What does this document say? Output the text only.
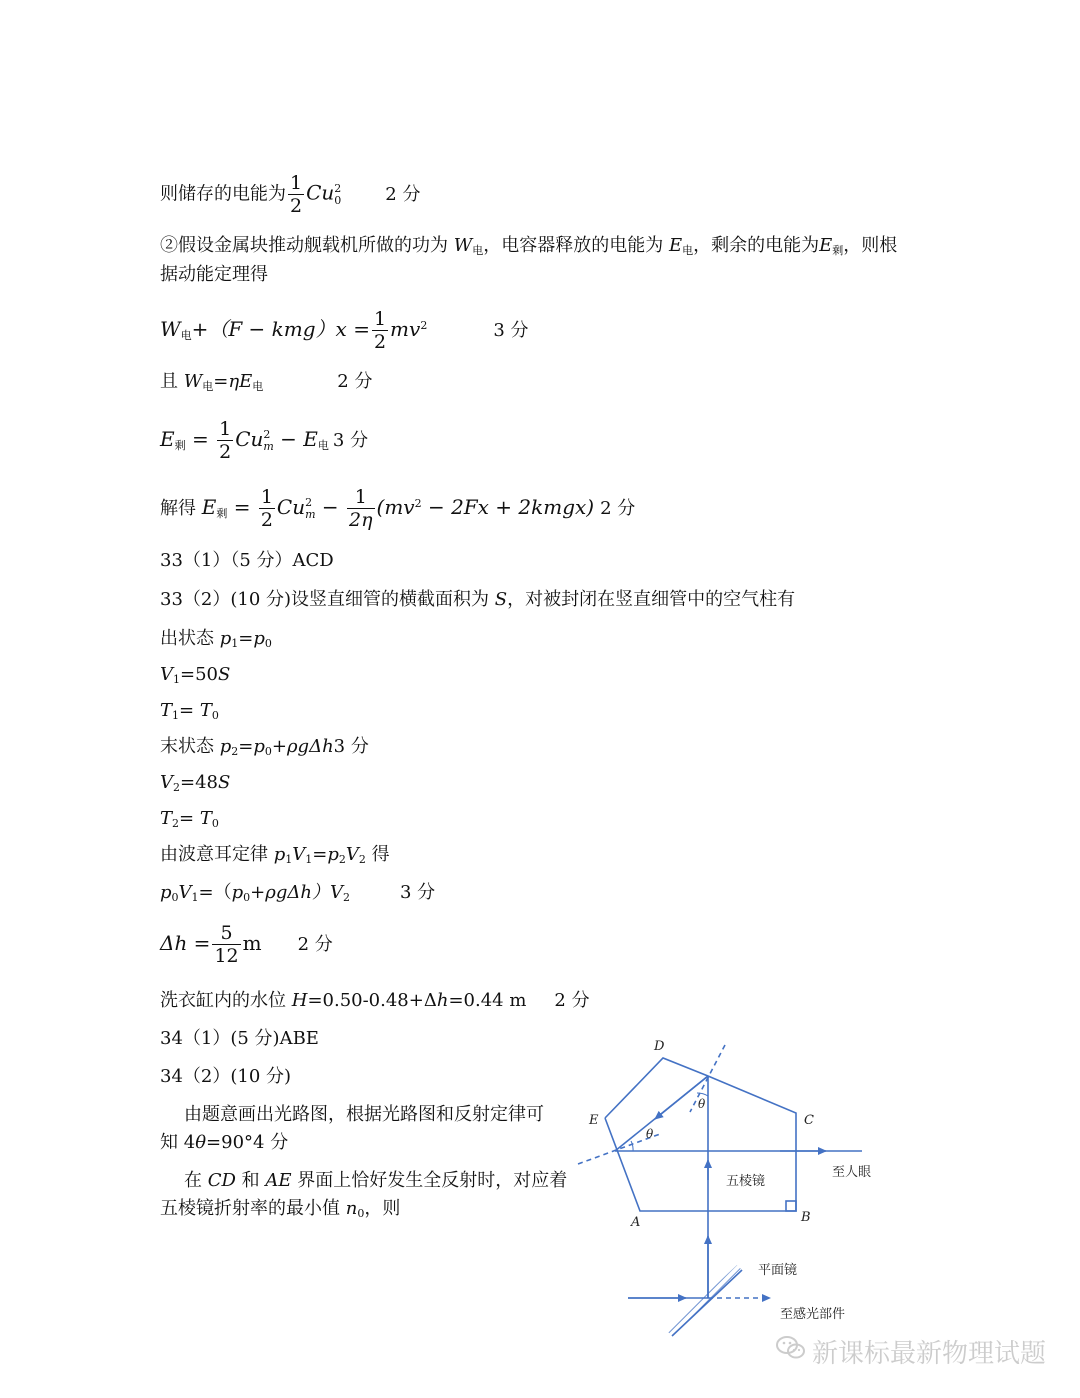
则储存的电能为 $\frac{1}{2}$ Cu 2
0 2 分
②假设金属块推动舰载机所做的功为 W电，电容器释放的电能为 E电，剩余的电能为E剩，则根
据动能定理得
W电$+(F - kmg)x = \frac{1}{2} mv^2$	3 分
且 W电=ηE电	2 分
E剩 = $\frac{1}{2}$ Cu 2
m − E电 3 分
解得 E剩 = $\frac{1}{2}$ Cu 2
$m - \frac{1}{2\eta} (mv^2 - 2Fx$ + 2kmgx) 2 分
33（1）（5 分）ACD
33（2）(10 分)设竖直细管的横截面积为 S，对被封闭在竖直细管中的空气柱有
出状态 p1=p0
V1=50S
T1= T0
末状态 p2=p0+ρgΔh3 分
V2=48S
T2= T0
由波意耳定律 p1V1=p2V2 得
p0V1=（p0+ρgΔh）V2	3 分
$\Delta h = \frac{5}{12}$ m 2 分
洗衣缸内的水位 H=0.50-0.48+Δh=0.44 m 2 分
34（1）(5 分)ABE
34（2）(10 分)
由题意画出光路图，根据光路图和反射定律可
知 4θ=90°4 分
在 CD 和 AE 界面上恰好发生全反射时，对应着
五棱镜折射率的最小值 n0，则
D
E	C
A	B
θ
θ
五棱镜
至人眼
平面镜
至感光部件
新课标最新物理试题
